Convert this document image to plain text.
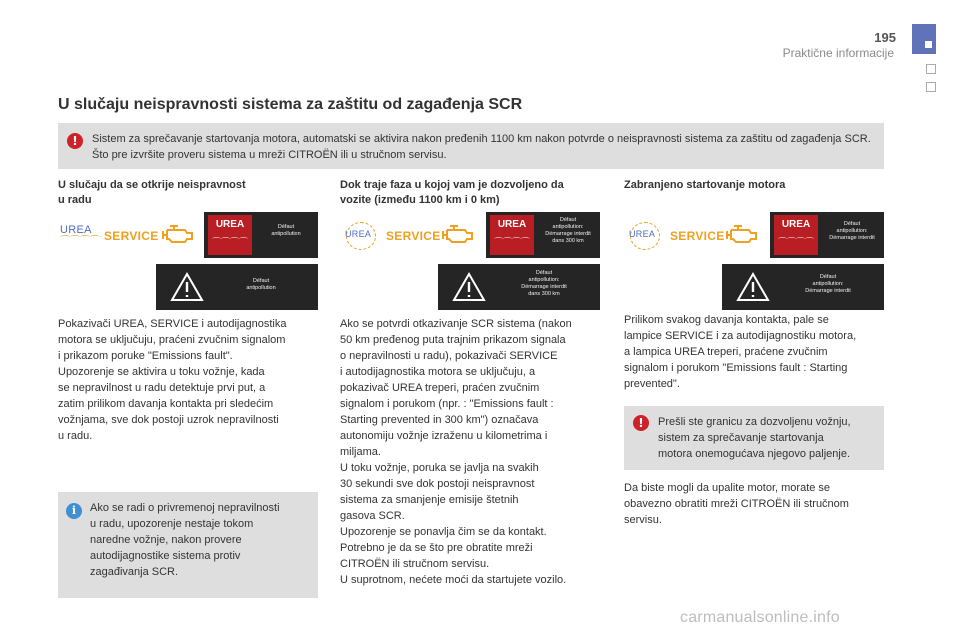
195
Praktične informacije
U slučaju neispravnosti sistema za zaštitu od zagađenja SCR
!
Sistem za sprečavanje startovanja motora, automatski se aktivira nakon pređenih 1100 km nakon potvrde o neispravnosti sistema za zaštitu od zagađenja SCR. Što pre izvršite proveru sistema u mreži CITROËN ili u stručnom servisu.
U slučaju da se otkrije neispravnost
u radu
UREA
⌒⌒⌒⌒ SERVICE
UREA
⌒⌒⌒⌒
Défaut
antipollution
Défaut
antipollution
Pokazivači UREA, SERVICE i autodijagnostika
motora se uključuju, praćeni zvučnim signalom
i prikazom poruke "Emissions fault".
Upozorenje se aktivira u toku vožnje, kada
se nepravilnost u radu detektuje prvi put, a
zatim prilikom davanja kontakta pri sledećim
vožnjama, sve dok postoji uzrok nepravilnosti
u radu.
i
Ako se radi o privremenoj nepravilnosti
u radu, upozorenje nestaje tokom
naredne vožnje, nakon provere
autodijagnostike sistema protiv
zagađivanja SCR.
Dok traje faza u kojoj vam je dozvoljeno da
vozite (između 1100 km i 0 km)
UREA SERVICE
UREA
⌒⌒⌒⌒
Défaut
antipollution:
Démarrage interdit
dans 300 km
Défaut
antipollution:
Démarrage interdit
dans 300 km
Ako se potvrdi otkazivanje SCR sistema (nakon
50 km pređenog puta trajnim prikazom signala
o nepravilnosti u radu), pokazivači SERVICE
i autodijagnostika motora se uključuju, a
pokazivač UREA treperi, praćen zvučnim
signalom i porukom (npr. : "Emissions fault :
Starting prevented in 300 km") označava
autonomiju vožnje izraženu u kilometrima i
miljama.
U toku vožnje, poruka se javlja na svakih
30 sekundi sve dok postoji neispravnost
sistema za smanjenje emisije štetnih
gasova SCR.
Upozorenje se ponavlja čim se da kontakt.
Potrebno je da se što pre obratite mreži
CITROËN ili stručnom servisu.
U suprotnom, nećete moći da startujete vozilo.
Zabranjeno startovanje motora
UREA SERVICE
UREA
⌒⌒⌒⌒
Défaut
antipollution:
Démarrage interdit
Défaut
antipollution:
Démarrage interdit
Prilikom svakog davanja kontakta, pale se
lampice SERVICE i za autodijagnostiku motora,
a lampica UREA treperi, praćene zvučnim
signalom i porukom "Emissions fault : Starting
prevented".
!
Prešli ste granicu za dozvoljenu vožnju,
sistem za sprečavanje startovanja
motora onemogućava njegovo paljenje.
Da biste mogli da upalite motor, morate se
obavezno obratiti mreži CITROËN ili stručnom
servisu.
carmanualsonline.info
